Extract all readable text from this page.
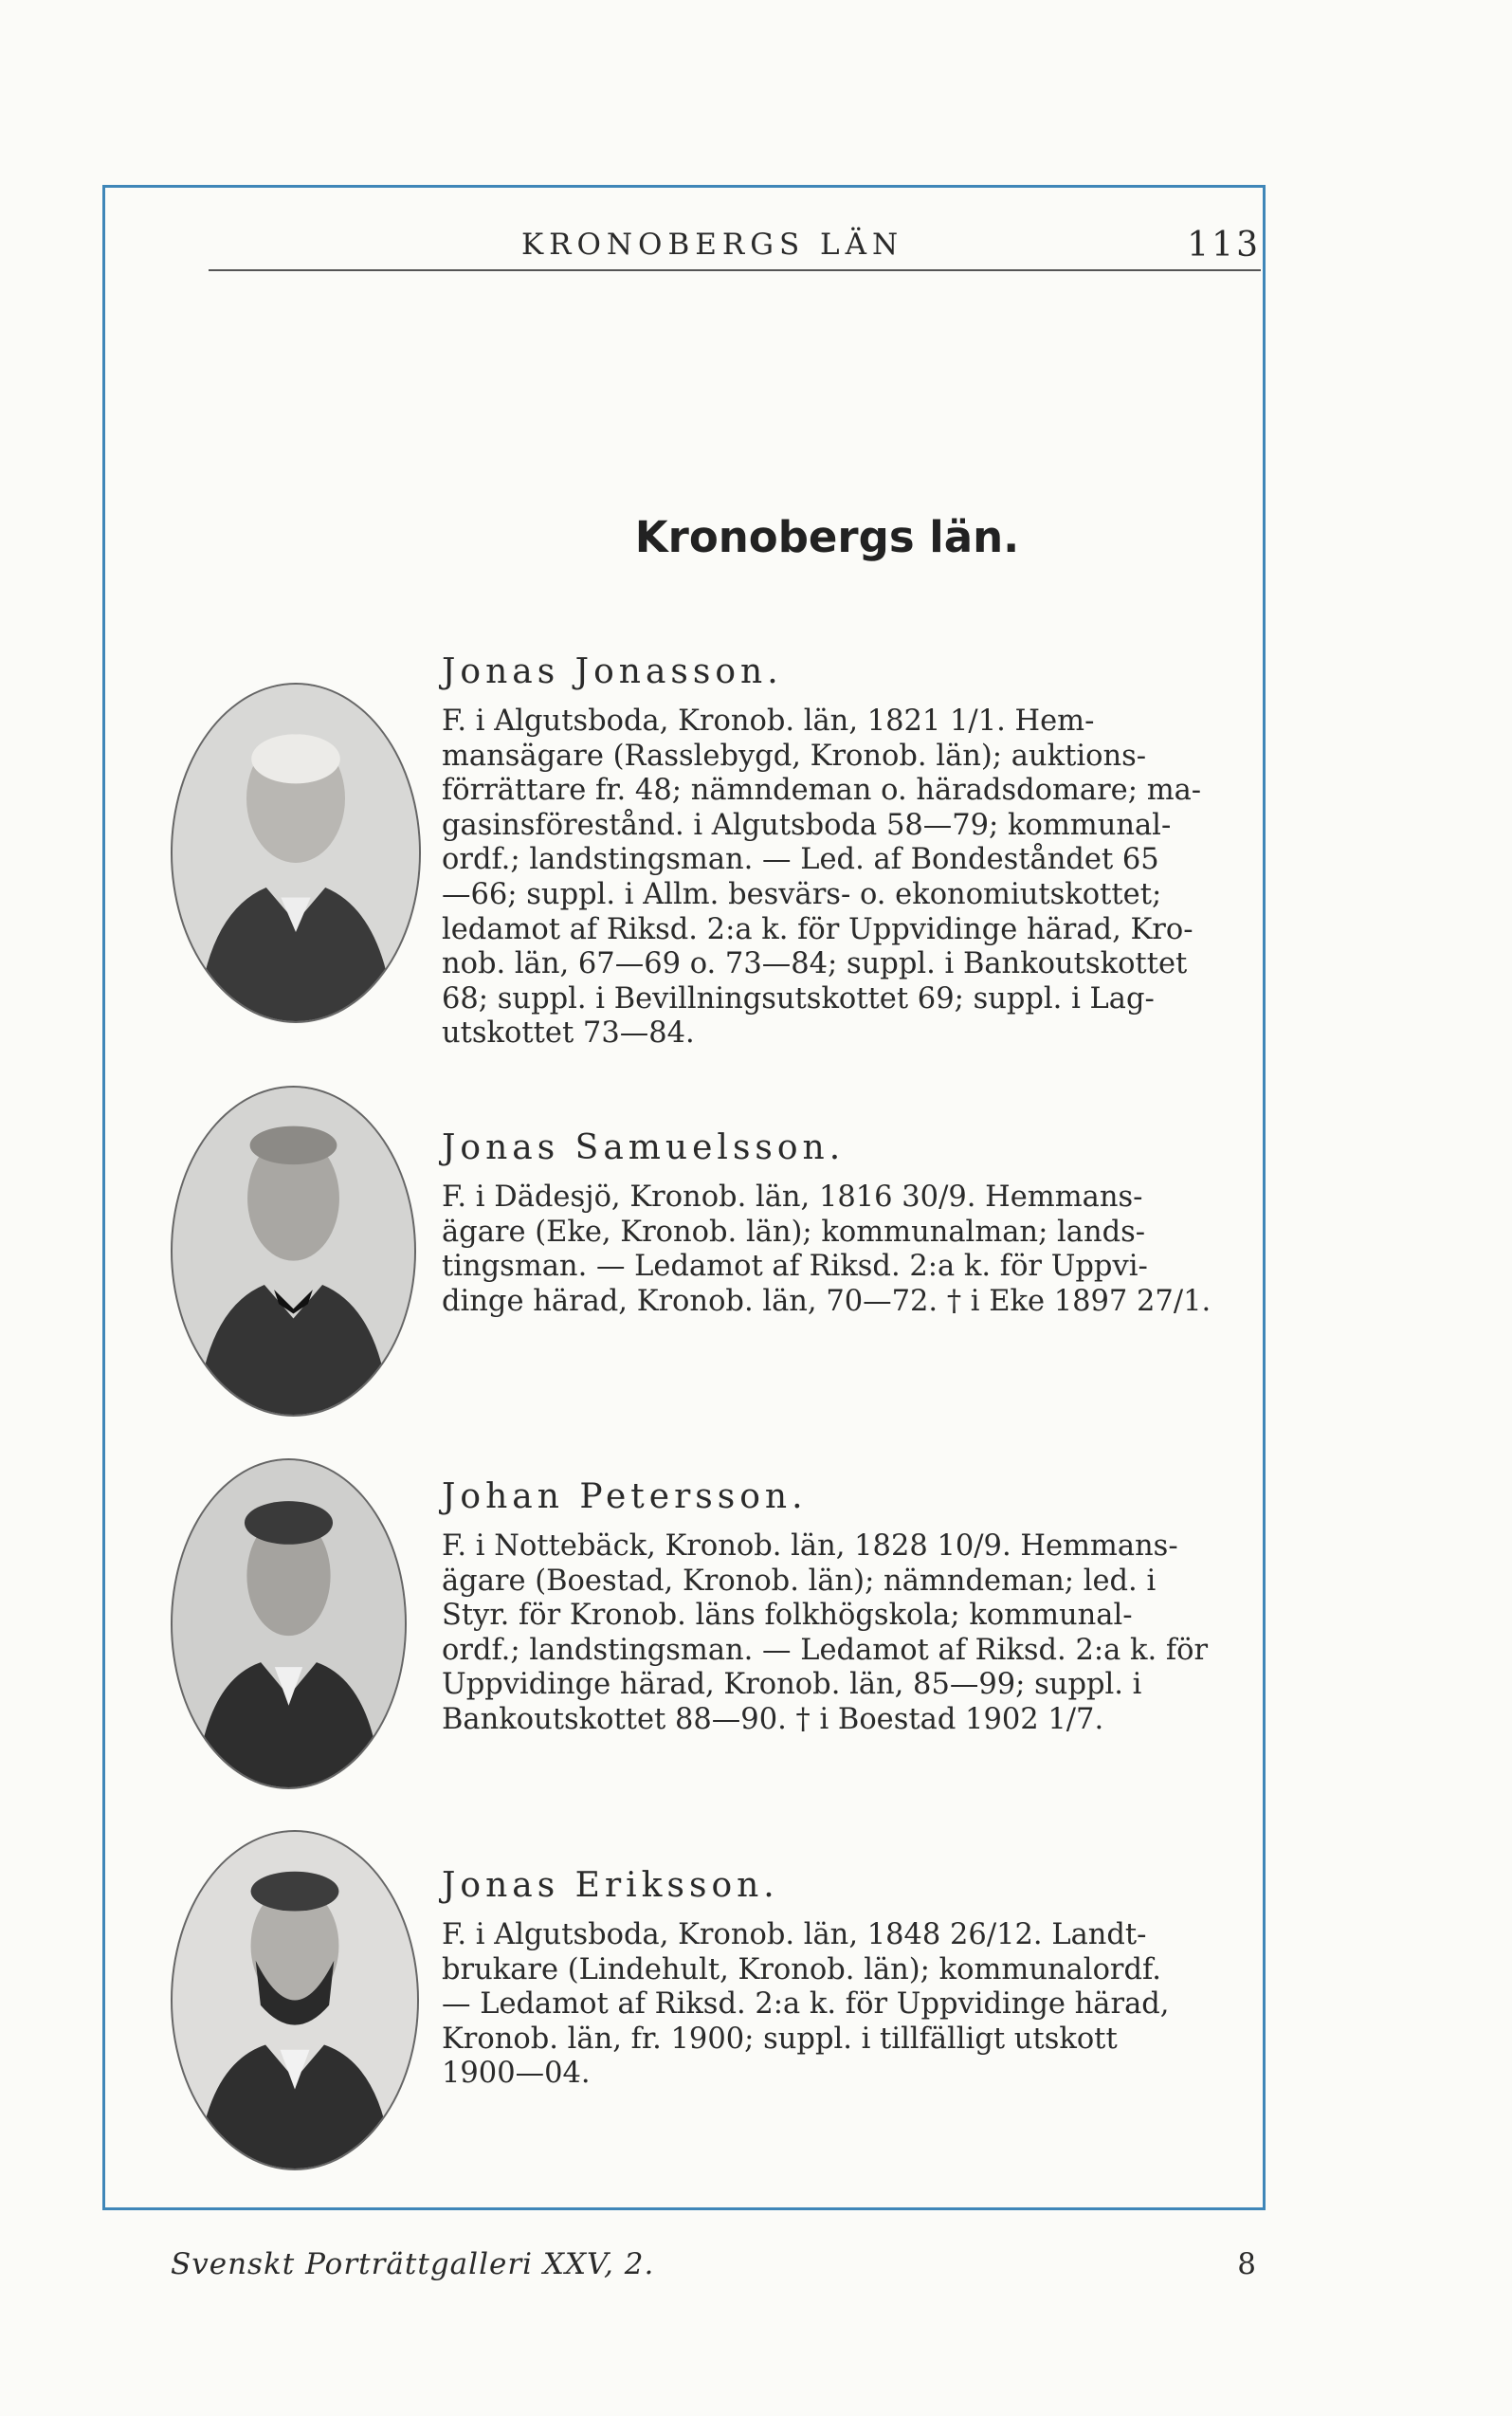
KRONOBERGS LÄN	113
Kronobergs län.
Jonas Jonasson.

F. i Algutsboda, Kronob. län, 1821 1/1. Hem-
mansägare (Rasslebygd, Kronob. län); auktions-
förrättare fr. 48; nämndeman o. häradsdomare; ma-
gasinsförestånd. i Algutsboda 58—79; kommunal-
ordf.; landstingsman. — Led. af Bondeståndet 65
—66; suppl. i Allm. besvärs- o. ekonomiutskottet;
ledamot af Riksd. 2:a k. för Uppvidinge härad, Kro-
nob. län, 67—69 o. 73—84; suppl. i Bankoutskottet
68; suppl. i Bevillningsutskottet 69; suppl. i Lag-
utskottet 73—84.

Jonas Samuelsson.

F. i Dädesjö, Kronob. län, 1816 30/9. Hemmans-
ägare (Eke, Kronob. län); kommunalman; lands-
tingsman. — Ledamot af Riksd. 2:a k. för Uppvi-
dinge härad, Kronob. län, 70—72. † i Eke 1897 27/1.

Johan Petersson.

F. i Nottebäck, Kronob. län, 1828 10/9. Hemmans-
ägare (Boestad, Kronob. län); nämndeman; led. i
Styr. för Kronob. läns folkhögskola; kommunal-
ordf.; landstingsman. — Ledamot af Riksd. 2:a k. för
Uppvidinge härad, Kronob. län, 85—99; suppl. i
Bankoutskottet 88—90. † i Boestad 1902 1/7.

Jonas Eriksson.

F. i Algutsboda, Kronob. län, 1848 26/12. Landt-
brukare (Lindehult, Kronob. län); kommunalordf.
— Ledamot af Riksd. 2:a k. för Uppvidinge härad,
Kronob. län, fr. 1900; suppl. i tillfälligt utskott
1900—04.

Svenskt Porträttgalleri XXV, 2.	8
